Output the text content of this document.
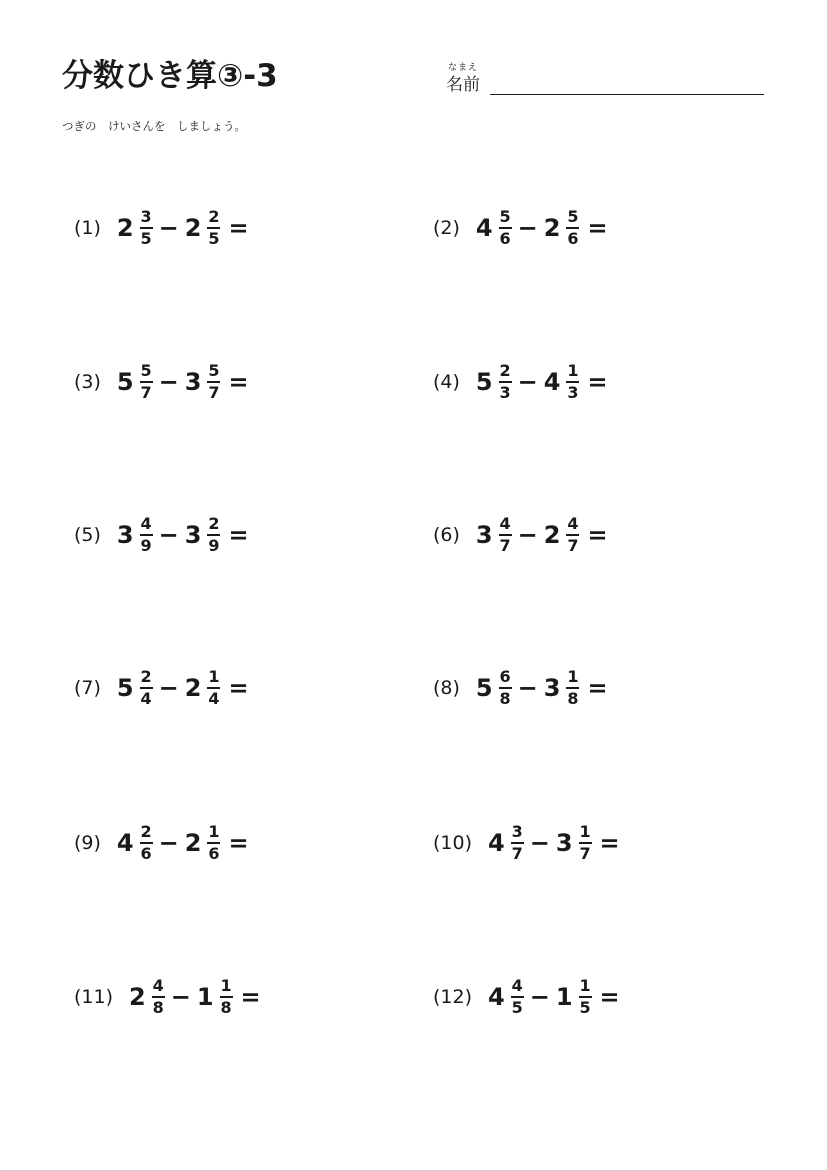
分数ひき算③-3	なまえ
名前
つぎの　けいさんを　しましょう。
(1) $2 \frac{3}{5} - 2 \frac{2}{5}$ =	(2) $4 \frac{5}{6} - 2 \frac{5}{6}$ =
(3) $5 \frac{5}{7} - 3 \frac{5}{7}$ =	(4) $5 \frac{2}{3} - 4 \frac{1}{3}$ =
(5) $3 \frac{4}{9} - 3 \frac{2}{9}$ =	(6) $3 \frac{4}{7} - 2 \frac{4}{7}$ =
(7) $5 \frac{2}{4} - 2 \frac{1}{4}$ =	(8) $5 \frac{6}{8} - 3 \frac{1}{8}$ =
(9) $4 \frac{2}{6} - 2 \frac{1}{6}$ =	(10) $4 \frac{3}{7} - 3 \frac{1}{7}$ =
(11) $2 \frac{4}{8} - 1 \frac{1}{8}$ =	(12) $4 \frac{4}{5} - 1 \frac{1}{5}$ =
